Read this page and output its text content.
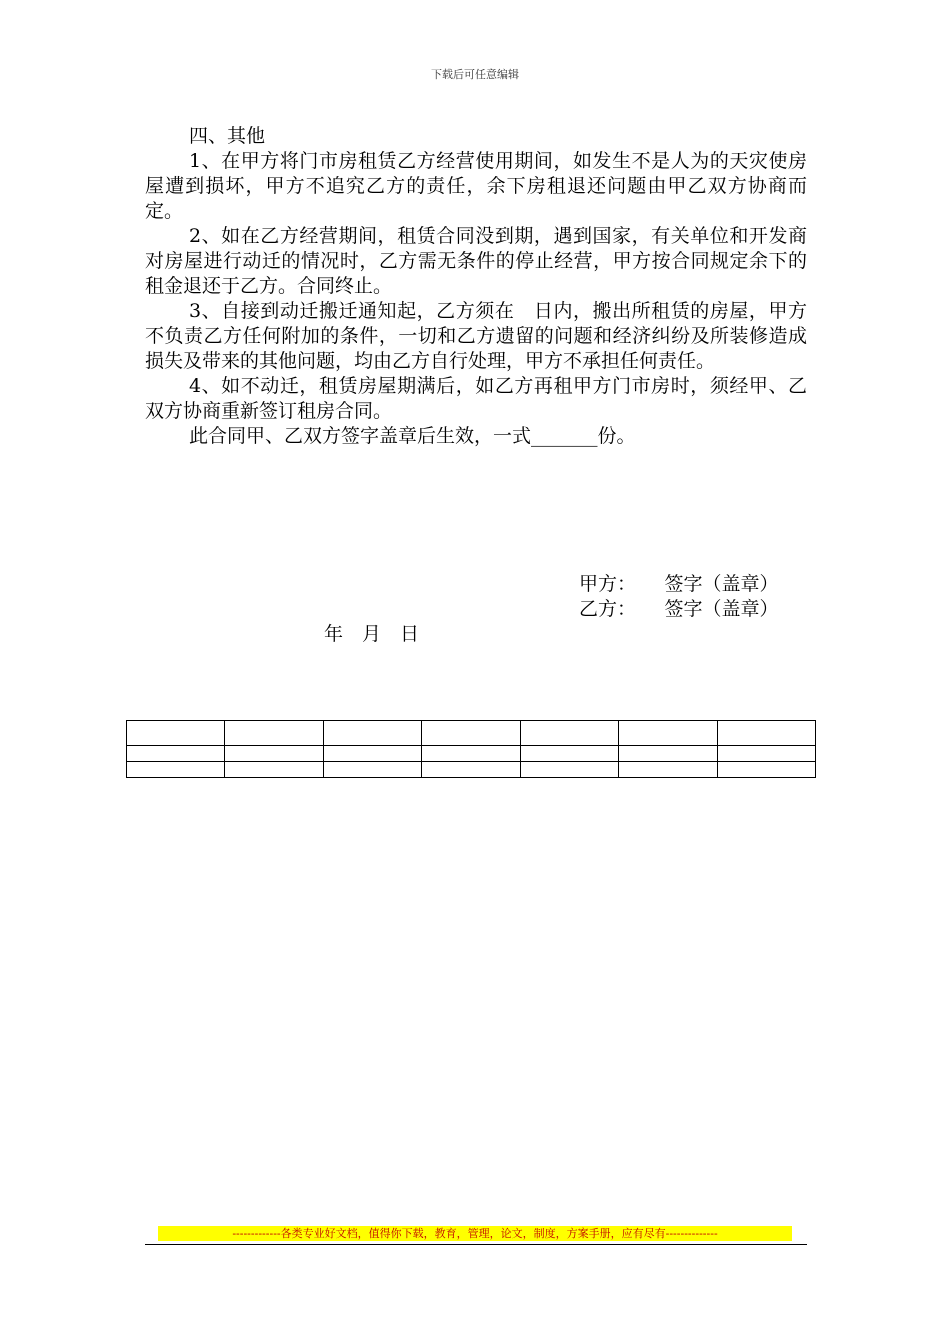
下载后可任意编辑

四、其他

1、在甲方将门市房租赁乙方经营使用期间，如发生不是人为的天灾使房屋遭到损坏，甲方不追究乙方的责任，余下房租退还问题由甲乙双方协商而定。

2、如在乙方经营期间，租赁合同没到期，遇到国家，有关单位和开发商对房屋进行动迁的情况时，乙方需无条件的停止经营，甲方按合同规定余下的租金退还于乙方。合同终止。

3、自接到动迁搬迁通知起，乙方须在　日内，搬出所租赁的房屋，甲方不负责乙方任何附加的条件，一切和乙方遗留的问题和经济纠纷及所装修造成损失及带来的其他问题，均由乙方自行处理，甲方不承担任何责任。

4、如不动迁，租赁房屋期满后，如乙方再租甲方门市房时，须经甲、乙双方协商重新签订租房合同。

此合同甲、乙双方签字盖章后生效，一式_______份。

甲方：　　签字（盖章）
乙方：　　签字（盖章）
年　月　日

-------------各类专业好文档，值得你下载，教育，管理，论文，制度，方案手册，应有尽有--------------
